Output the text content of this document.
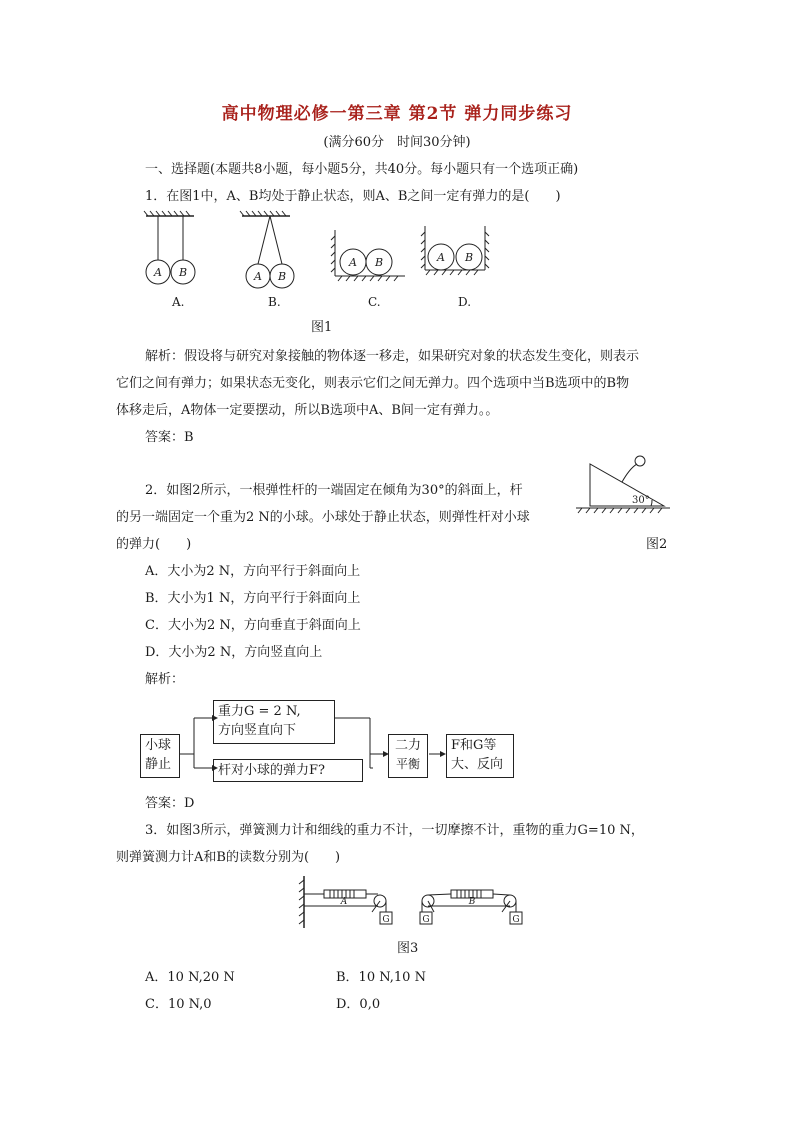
高中物理必修一第三章 第2节 弹力同步练习
(满分60分　时间30分钟)
一、选择题(本题共8小题，每小题5分，共40分。每小题只有一个选项正确)
1．在图1中，A、B均处于静止状态，则A、B之间一定有弹力的是(　　)
A B	A B
A B	A B
A.	B.	C.	D.
图1
解析：假设将与研究对象接触的物体逐一移走，如果研究对象的状态发生变化，则表示
它们之间有弹力；如果状态无变化，则表示它们之间无弹力。四个选项中当B选项中的B物
体移走后，A物体一定要摆动，所以B选项中A、B间一定有弹力。。
答案：B
2．如图2所示，一根弹性杆的一端固定在倾角为30°的斜面上，杆
的另一端固定一个重为2 N的小球。小球处于静止状态，则弹性杆对小球
的弹力(　　)
30°
图2
A．大小为2 N，方向平行于斜面向上
B．大小为1 N，方向平行于斜面向上
C．大小为2 N，方向垂直于斜面向上
D．大小为2 N，方向竖直向上
解析：
小球
静止
重力G = 2 N,
方向竖直向下
杆对小球的弹力F?
二力
平衡
F和G等
大、反向
答案：D
3．如图3所示，弹簧测力计和细线的重力不计，一切摩擦不计，重物的重力G=10 N，
则弹簧测力计A和B的读数分别为(　　)
A	B
G	G	G
图3
A．10 N,20 N	B．10 N,10 N
C．10 N,0	D．0,0
